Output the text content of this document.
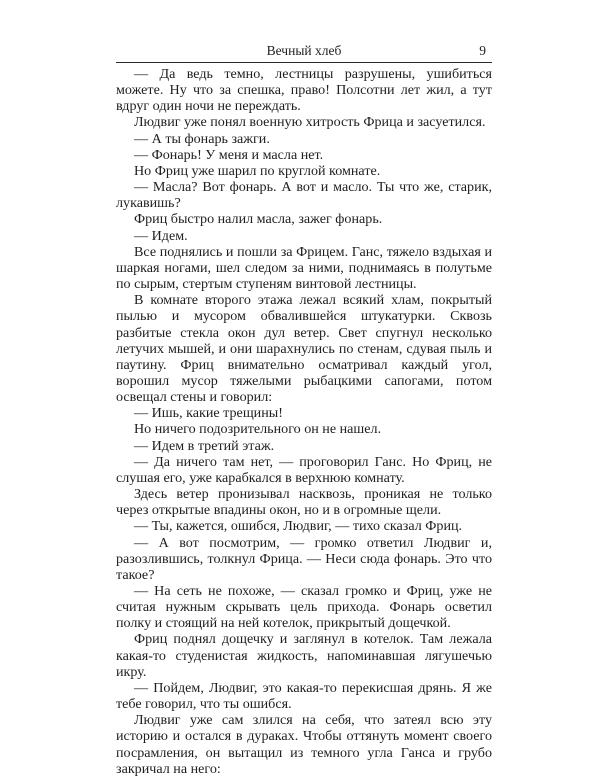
Вечный хлеб	9

— Да ведь темно, лестницы разрушены, ушибиться можете. Ну что за спешка, право! Полсотни лет жил, а тут вдруг один ночи не переждать.

Людвиг уже понял военную хитрость Фрица и засуетился.

— А ты фонарь зажги.

— Фонарь! У меня и масла нет.

Но Фриц уже шарил по круглой комнате.

— Масла? Вот фонарь. А вот и масло. Ты что же, старик, лукавишь?

Фриц быстро налил масла, зажег фонарь.

— Идем.

Все поднялись и пошли за Фрицем. Ганс, тяжело вздыхая и шаркая ногами, шел следом за ними, поднимаясь в полутьме по сырым, стертым ступеням винтовой лестницы.

В комнате второго этажа лежал всякий хлам, покрытый пылью и мусором обвалившейся штукатурки. Сквозь разбитые стекла окон дул ветер. Свет спугнул несколько летучих мышей, и они шарахнулись по стенам, сдувая пыль и паутину. Фриц внимательно осматривал каждый угол, ворошил мусор тяжелыми рыбацкими сапогами, потом освещал стены и говорил:

— Ишь, какие трещины!

Но ничего подозрительного он не нашел.

— Идем в третий этаж.

— Да ничего там нет, — проговорил Ганс. Но Фриц, не слушая его, уже карабкался в верхнюю комнату.

Здесь ветер пронизывал насквозь, проникая не только через открытые впадины окон, но и в огромные щели.

— Ты, кажется, ошибся, Людвиг, — тихо сказал Фриц.

— А вот посмотрим, — громко ответил Людвиг и, разозлившись, толкнул Фрица. — Неси сюда фонарь. Это что такое?

— На сеть не похоже, — сказал громко и Фриц, уже не считая нужным скрывать цель прихода. Фонарь осветил полку и стоящий на ней котелок, прикрытый дощечкой.

Фриц поднял дощечку и заглянул в котелок. Там лежала какая-то студенистая жидкость, напоминавшая лягушечью икру.

— Пойдем, Людвиг, это какая-то перекисшая дрянь. Я же тебе говорил, что ты ошибся.

Людвиг уже сам злился на себя, что затеял всю эту историю и остался в дураках. Чтобы оттянуть момент своего посрамления, он вытащил из темного угла Ганса и грубо закричал на него:
